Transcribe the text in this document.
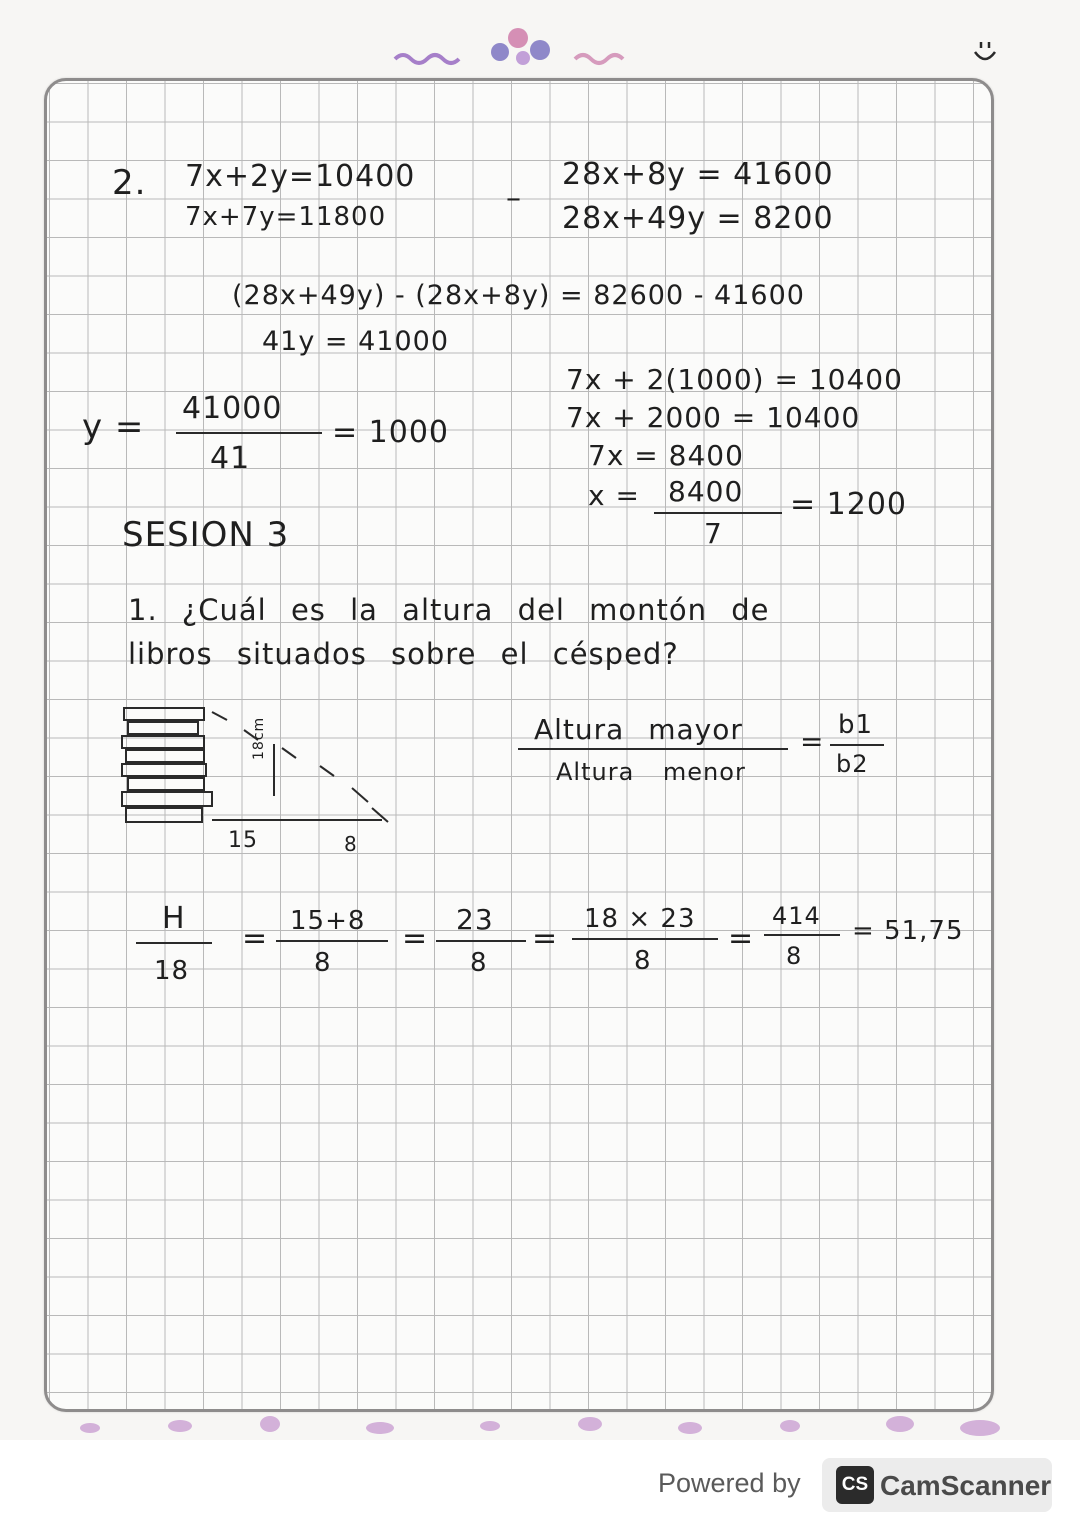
2. 7x+2y=10400
7x+7y=11800
–
28x+8y = 41600
28x+49y = 8200
(28x+49y) - (28x+8y) = 82600 - 41600
41y = 41000
y = 41000
41
= 1000
7x + 2(1000) = 10400
7x + 2000 = 10400
7x = 8400
x = 8400
7
= 1200
SESION 3
1. ¿Cuál es la altura del montón de
libros situados sobre el césped?
18cm
15	8
Altura mayor
Altura menor
= b1
b2
H
18
= 15+8
8
=
23
8
=
18 × 23
8
=
414
8
= 51,75
Powered by	CS CamScanner
